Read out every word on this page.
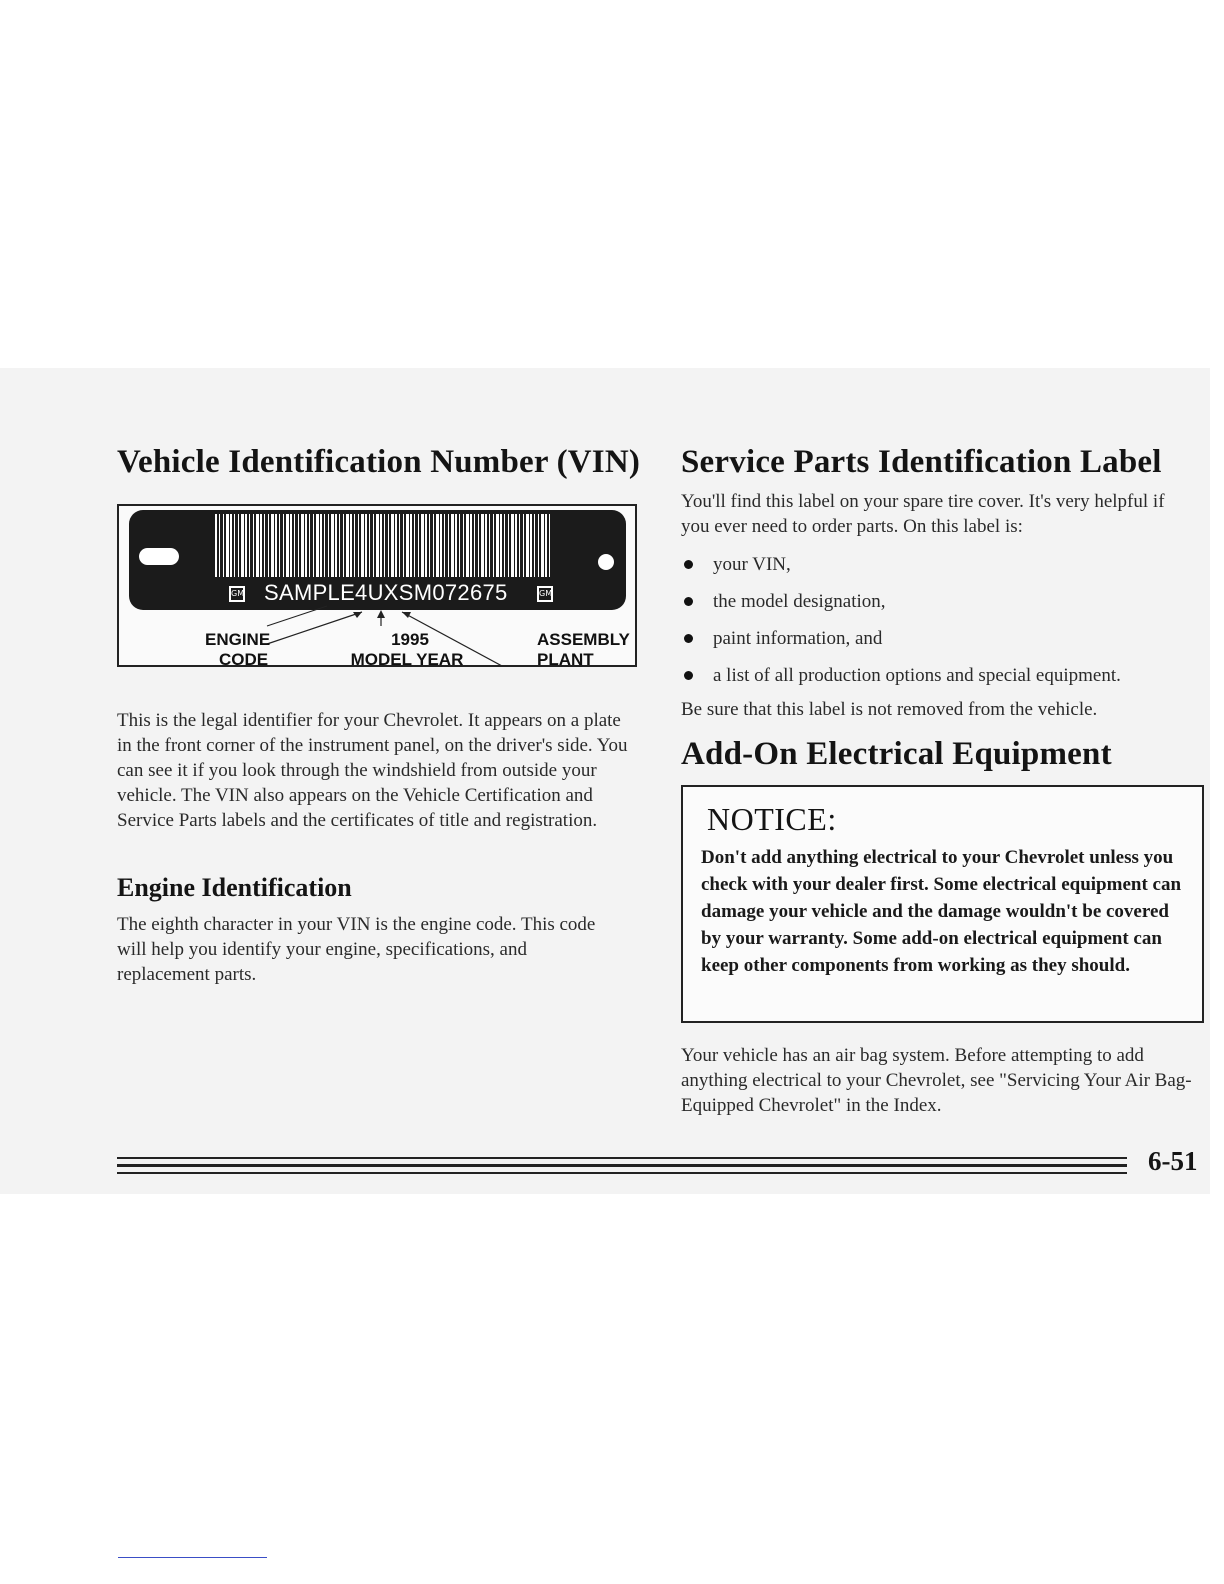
Vehicle Identification Number (VIN)
GM SAMPLE4UXSM072675	GM
ENGINE
CODE
1995
MODEL YEAR
ASSEMBLY
PLANT

This is the legal identifier for your Chevrolet. It appears on a plate in the front corner of the instrument panel, on the driver's side. You can see it if you look through the windshield from outside your vehicle. The VIN also appears on the Vehicle Certification and Service Parts labels and the certificates of title and registration.

Engine Identification

The eighth character in your VIN is the engine code. This code will help you identify your engine, specifications, and replacement parts.

Service Parts Identification Label

You'll find this label on your spare tire cover. It's very helpful if you ever need to order parts. On this label is:

your VIN,
the model designation,
paint information, and
a list of all production options and special equipment.

Be sure that this label is not removed from the vehicle.

Add-On Electrical Equipment
NOTICE:
Don't add anything electrical to your Chevrolet unless you check with your dealer first. Some electrical equipment can damage your vehicle and the damage wouldn't be covered by your warranty. Some add-on electrical equipment can keep other components from working as they should.

Your vehicle has an air bag system. Before attempting to add anything electrical to your Chevrolet, see "Servicing Your Air Bag-Equipped Chevrolet" in the Index.

6-51
